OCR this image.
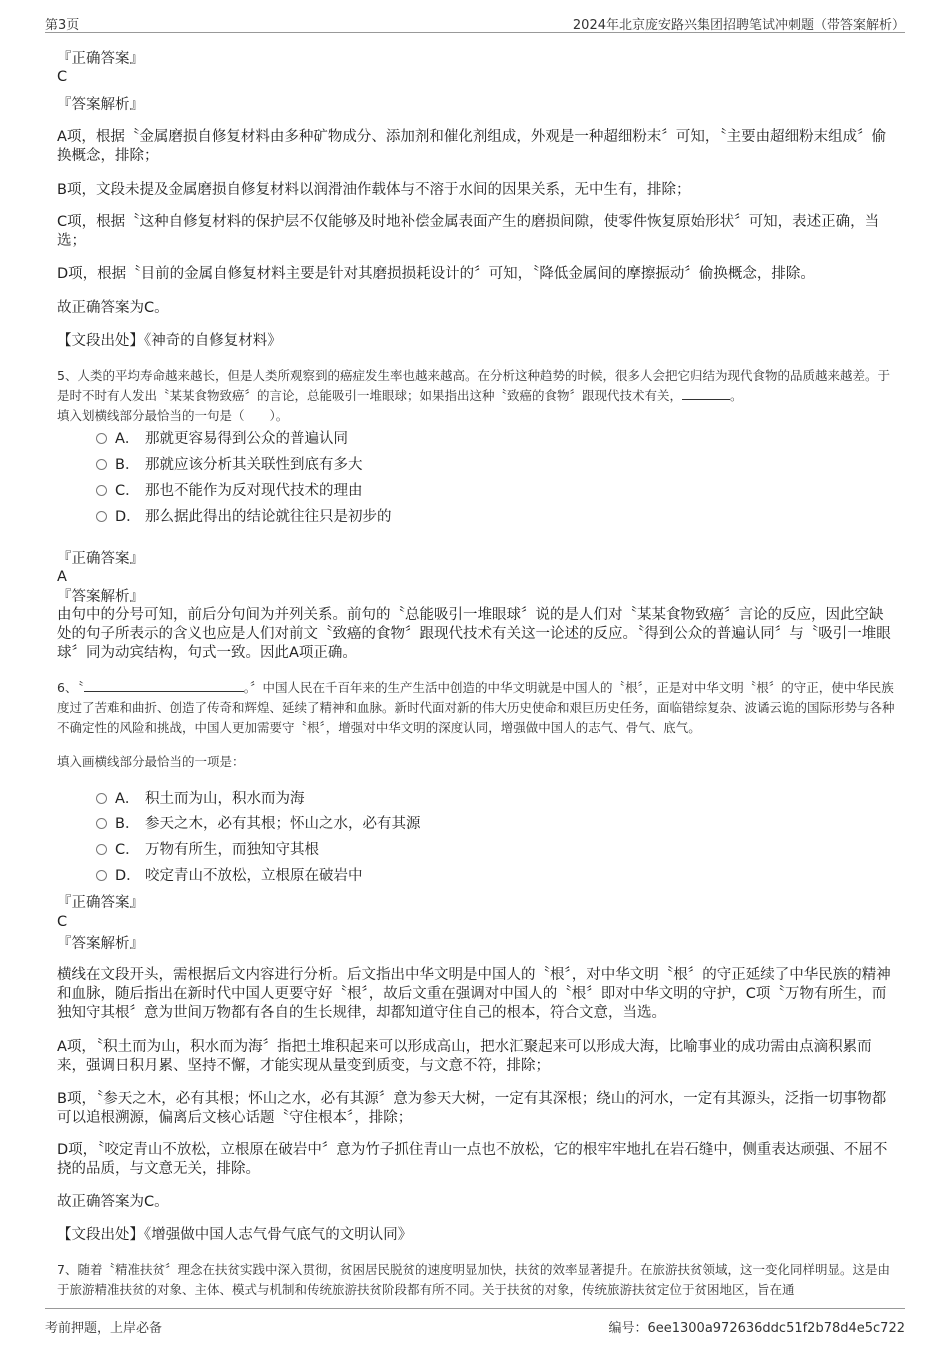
第3页	2024年北京庞安路兴集团招聘笔试冲刺题（带答案解析）
『正确答案』
C
『答案解析』
A项，根据〝金属磨损自修复材料由多种矿物成分、添加剂和催化剂组成，外观是一种超细粉末〞可知，〝主要由超细粉末组成〞偷换概念，排除；
B项，文段未提及金属磨损自修复材料以润滑油作载体与不溶于水间的因果关系，无中生有，排除；
C项，根据〝这种自修复材料的保护层不仅能够及时地补偿金属表面产生的磨损间隙，使零件恢复原始形状〞可知，表述正确，当选；
D项，根据〝目前的金属自修复材料主要是针对其磨损损耗设计的〞可知，〝降低金属间的摩擦振动〞偷换概念，排除。
故正确答案为C。
【文段出处】《神奇的自修复材料》
5、人类的平均寿命越来越长，但是人类所观察到的癌症发生率也越来越高。在分析这种趋势的时候，很多人会把它归结为现代食物的品质越来越差。于是时不时有人发出〝某某食物致癌〞的言论，总能吸引一堆眼球；如果指出这种〝致癌的食物〞跟现代技术有关，	。
填入划横线部分最恰当的一句是（　　）。
A． 那就更容易得到公众的普遍认同
B． 那就应该分析其关联性到底有多大
C． 那也不能作为反对现代技术的理由
D． 那么据此得出的结论就往往只是初步的
『正确答案』
A
『答案解析』
由句中的分号可知，前后分句间为并列关系。前句的〝总能吸引一堆眼球〞说的是人们对〝某某食物致癌〞言论的反应，因此空缺处的句子所表示的含义也应是人们对前文〝致癌的食物〞跟现代技术有关这一论述的反应。〝得到公众的普遍认同〞与〝吸引一堆眼球〞同为动宾结构，句式一致。因此A项正确。
6、〝	。〞中国人民在千百年来的生产生活中创造的中华文明就是中国人的〝根〞，正是对中华文明〝根〞的守正，使中华民族度过了苦难和曲折、创造了传奇和辉煌、延续了精神和血脉。新时代面对新的伟大历史使命和艰巨历史任务，面临错综复杂、波谲云诡的国际形势与各种不确定性的风险和挑战，中国人更加需要守〝根〞，增强对中华文明的深度认同，增强做中国人的志气、骨气、底气。
填入画横线部分最恰当的一项是：
A． 积土而为山，积水而为海
B． 参天之木，必有其根；怀山之水，必有其源
C． 万物有所生，而独知守其根
D． 咬定青山不放松，立根原在破岩中
『正确答案』
C
『答案解析』
横线在文段开头，需根据后文内容进行分析。后文指出中华文明是中国人的〝根〞，对中华文明〝根〞的守正延续了中华民族的精神和血脉，随后指出在新时代中国人更要守好〝根〞，故后文重在强调对中国人的〝根〞即对中华文明的守护，C项〝万物有所生，而独知守其根〞意为世间万物都有各自的生长规律，却都知道守住自己的根本，符合文意，当选。
A项，〝积土而为山，积水而为海〞指把土堆积起来可以形成高山，把水汇聚起来可以形成大海，比喻事业的成功需由点滴积累而来，强调日积月累、坚持不懈，才能实现从量变到质变，与文意不符，排除；
B项，〝参天之木，必有其根；怀山之水，必有其源〞意为参天大树，一定有其深根；绕山的河水，一定有其源头，泛指一切事物都可以追根溯源，偏离后文核心话题〝守住根本〞，排除；
D项，〝咬定青山不放松，立根原在破岩中〞意为竹子抓住青山一点也不放松，它的根牢牢地扎在岩石缝中，侧重表达顽强、不屈不挠的品质，与文意无关，排除。
故正确答案为C。
【文段出处】《增强做中国人志气骨气底气的文明认同》
7、随着〝精准扶贫〞理念在扶贫实践中深入贯彻，贫困居民脱贫的速度明显加快，扶贫的效率显著提升。在旅游扶贫领域，这一变化同样明显。这是由于旅游精准扶贫的对象、主体、模式与机制和传统旅游扶贫阶段都有所不同。关于扶贫的对象，传统旅游扶贫定位于贫困地区，旨在通
考前押题，上岸必备	编号：6ee1300a972636ddc51f2b78d4e5c722
